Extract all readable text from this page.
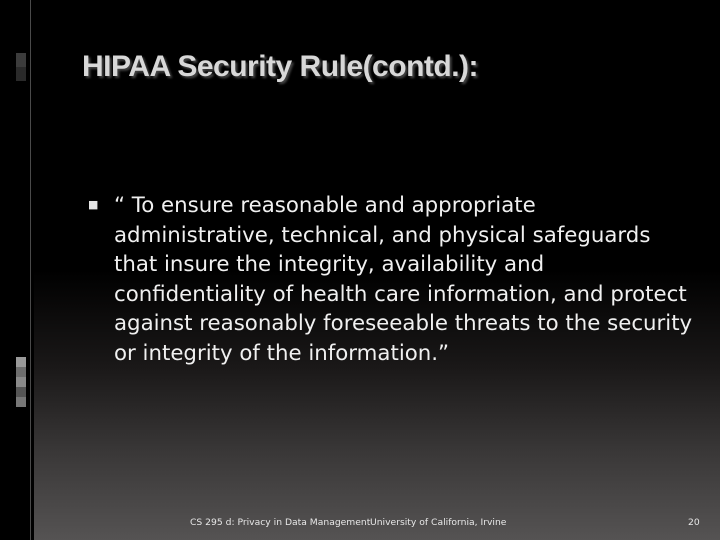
HIPAA Security Rule(contd.):
■ “ To ensure reasonable and appropriate administrative, technical, and physical safeguards that insure the integrity, availability and confidentiality of health care information, and protect against reasonably foreseeable threats to the security or integrity of the information.”

CS 295 d: Privacy in Data Management University of California, Irvine	20
